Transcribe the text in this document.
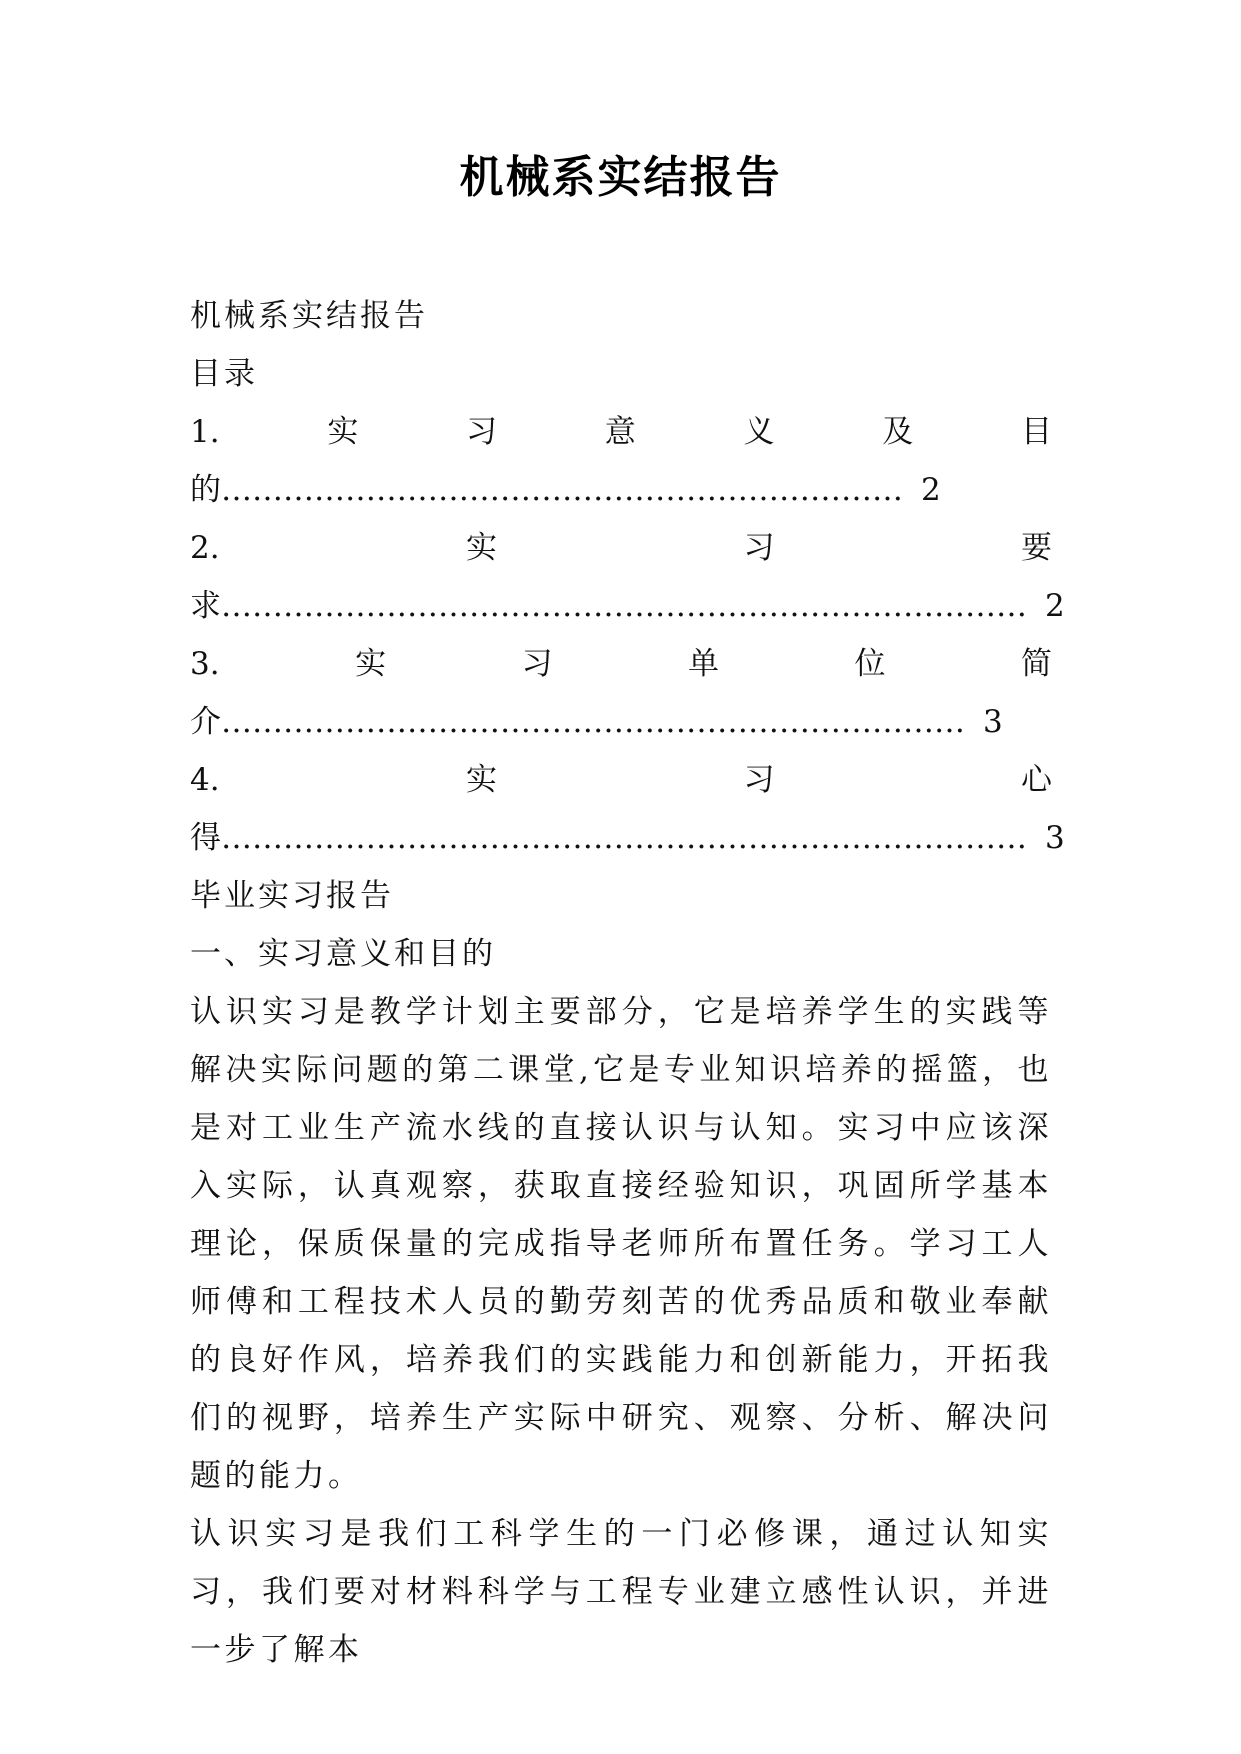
机械系实结报告
机械系实结报告
目录
1.	实	习	意	义	及	目
的 ………………………………………………………… 2
2.	实	习	要
求 …………………………………………………………………… 2
3.	实	习	单	位	简
介 ……………………………………………………………… 3
4.	实	习	心
得 …………………………………………………………………… 3
毕业实习报告
一、实习意义和目的

认识实习是教学计划主要部分，它是培养学生的实践等解决实际问题的第二课堂,它是专业知识培养的摇篮，也是对工业生产流水线的直接认识与认知。实习中应该深入实际，认真观察，获取直接经验知识，巩固所学基本理论，保质保量的完成指导老师所布置任务。学习工人师傅和工程技术人员的勤劳刻苦的优秀品质和敬业奉献的良好作风，培养我们的实践能力和创新能力，开拓我们的视野，培养生产实际中研究、观察、分析、解决问题的能力。

认识实习是我们工科学生的一门必修课，通过认知实习，我们要对材料科学与工程专业建立感性认识，并进一步了解本
